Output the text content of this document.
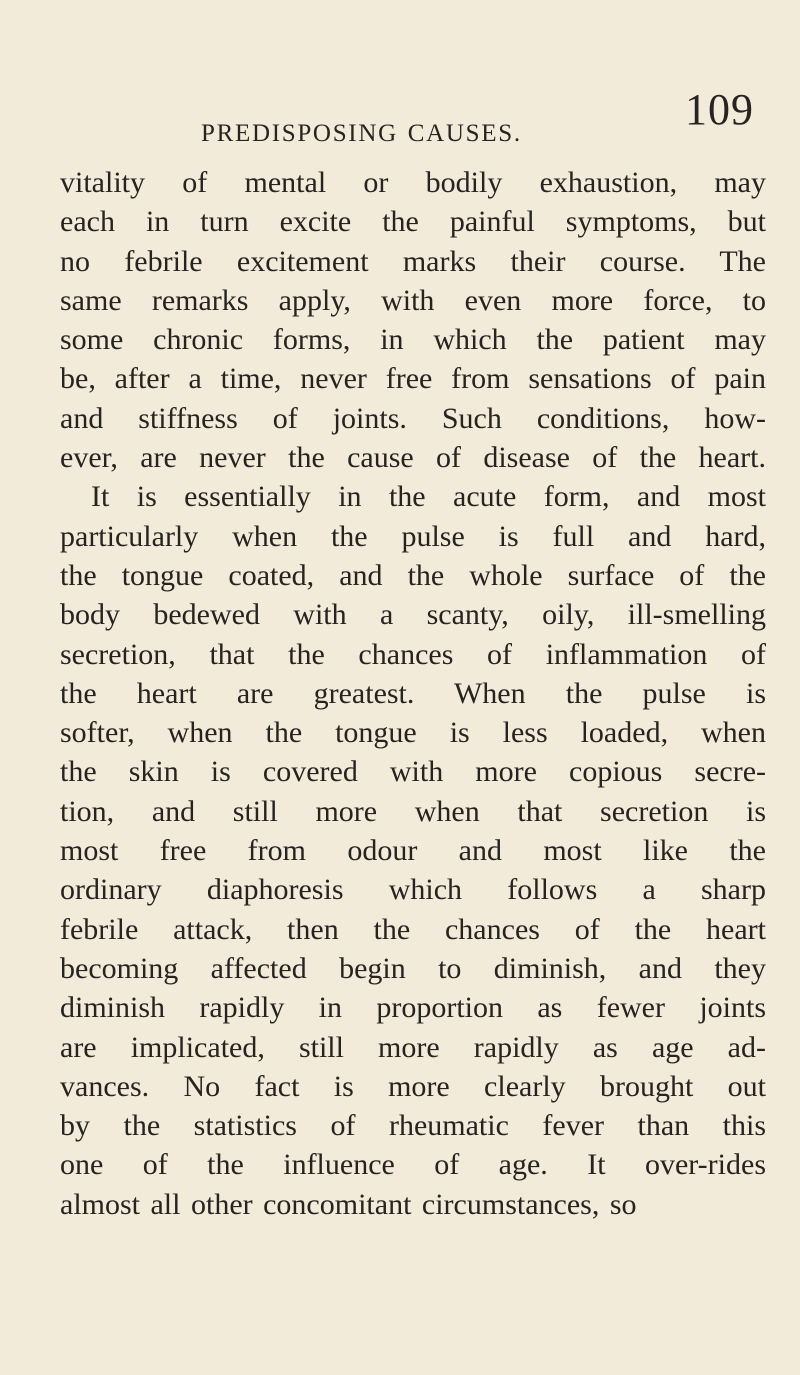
PREDISPOSING CAUSES.	109
vitality of mental or bodily exhaustion, may
each in turn excite the painful symptoms, but
no febrile excitement marks their course. The
same remarks apply, with even more force, to
some chronic forms, in which the patient may
be, after a time, never free from sensations of pain
and stiffness of joints. Such conditions, how-
ever, are never the cause of disease of the heart.
It is essentially in the acute form, and most
particularly when the pulse is full and hard,
the tongue coated, and the whole surface of the
body bedewed with a scanty, oily, ill-smelling
secretion, that the chances of inflammation of
the heart are greatest. When the pulse is
softer, when the tongue is less loaded, when
the skin is covered with more copious secre-
tion, and still more when that secretion is
most free from odour and most like the
ordinary diaphoresis which follows a sharp
febrile attack, then the chances of the heart
becoming affected begin to diminish, and they
diminish rapidly in proportion as fewer joints
are implicated, still more rapidly as age ad-
vances. No fact is more clearly brought out
by the statistics of rheumatic fever than this
one of the influence of age. It over-rides
almost all other concomitant circumstances, so
